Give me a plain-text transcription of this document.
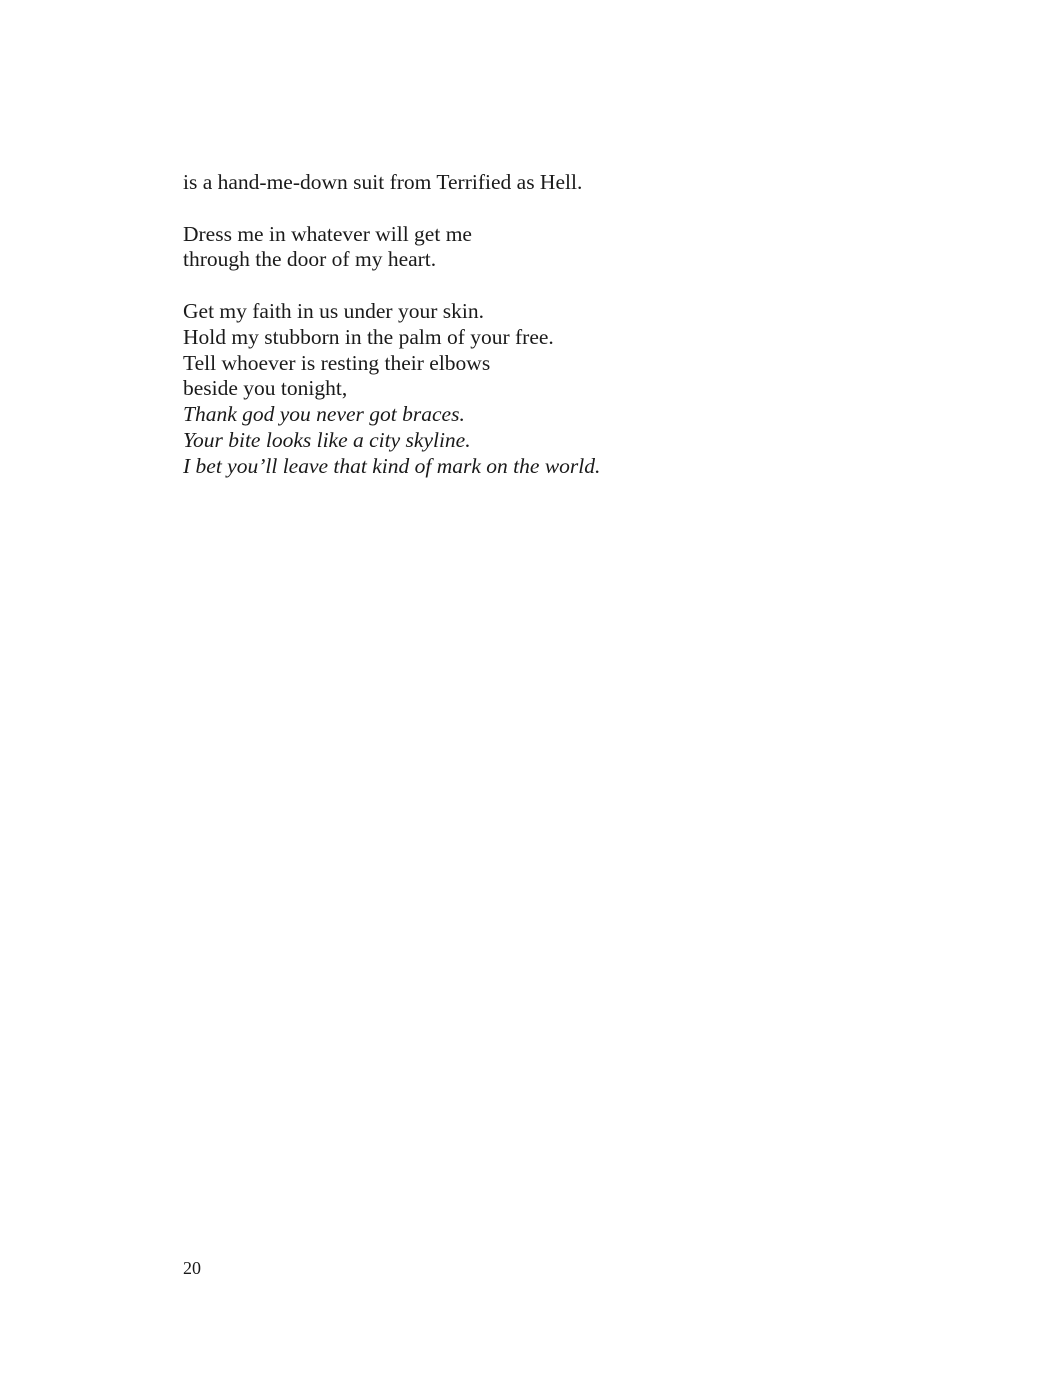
is a hand-me-down suit from Terrified as Hell.
Dress me in whatever will get me
through the door of my heart.
Get my faith in us under your skin.
Hold my stubborn in the palm of your free.
Tell whoever is resting their elbows
beside you tonight,
Thank god you never got braces.
Your bite looks like a city skyline.
I bet you’ll leave that kind of mark on the world.
20
